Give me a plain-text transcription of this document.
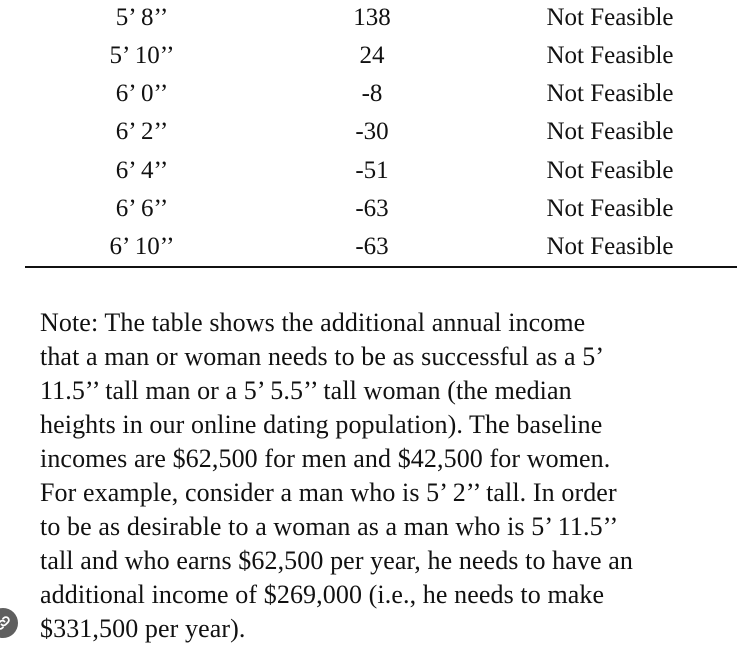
5’ 8’’	138	Not Feasible
5’ 10’’	24	Not Feasible
6’ 0’’	-8	Not Feasible
6’ 2’’	-30	Not Feasible
6’ 4’’	-51	Not Feasible
6’ 6’’	-63	Not Feasible
6’ 10’’	-63	Not Feasible
Note: The table shows the additional annual income
that a man or woman needs to be as successful as a 5’
11.5’’ tall man or a 5’ 5.5’’ tall woman (the median
heights in our online dating population). The baseline
incomes are $62,500 for men and $42,500 for women.
For example, consider a man who is 5’ 2’’ tall. In order
to be as desirable to a woman as a man who is 5’ 11.5’’
tall and who earns $62,500 per year, he needs to have an
additional income of $269,000 (i.e., he needs to make
$331,500 per year).
